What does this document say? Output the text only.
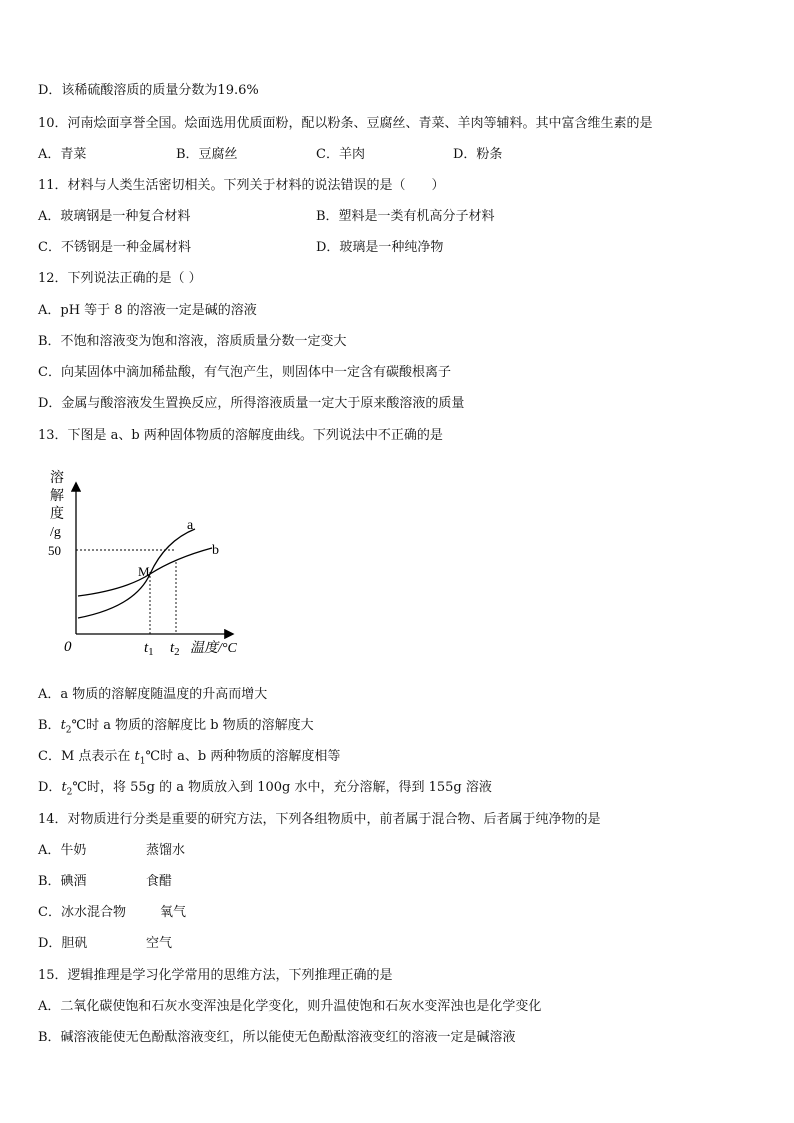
D．该稀硫酸溶质的质量分数为19.6%
10．河南烩面享誉全国。烩面选用优质面粉，配以粉条、豆腐丝、青菜、羊肉等辅料。其中富含维生素的是
A．青菜	B．豆腐丝	C．羊肉	D．粉条
11．材料与人类生活密切相关。下列关于材料的说法错误的是（　　）
A．玻璃钢是一种复合材料	B．塑料是一类有机高分子材料
C．不锈钢是一种金属材料	D．玻璃是一种纯净物
12．下列说法正确的是（ ）
A．pH 等于 8 的溶液一定是碱的溶液
B．不饱和溶液变为饱和溶液，溶质质量分数一定变大
C．向某固体中滴加稀盐酸，有气泡产生，则固体中一定含有碳酸根离子
D．金属与酸溶液发生置换反应，所得溶液质量一定大于原来酸溶液的质量
13．下图是 a、b 两种固体物质的溶解度曲线。下列说法中不正确的是
溶
解
度
/g
50
a
b
M
0	$t_1$ $t_2$ 温度/°C
A．a 物质的溶解度随温度的升高而增大
B．$t_2℃$时 a 物质的溶解度比 b 物质的溶解度大
C．M 点表示在 $t_1℃$时 a、b 两种物质的溶解度相等
D．$t_2℃$时，将 55g 的 a 物质放入到 100g 水中，充分溶解，得到 155g 溶液
14．对物质进行分类是重要的研究方法，下列各组物质中，前者属于混合物、后者属于纯净物的是
A．牛奶	蒸馏水
B．碘酒	食醋
C．冰水混合物	氧气
D．胆矾	空气
15．逻辑推理是学习化学常用的思维方法，下列推理正确的是
A．二氧化碳使饱和石灰水变浑浊是化学变化，则升温使饱和石灰水变浑浊也是化学变化
B．碱溶液能使无色酚酞溶液变红，所以能使无色酚酞溶液变红的溶液一定是碱溶液
